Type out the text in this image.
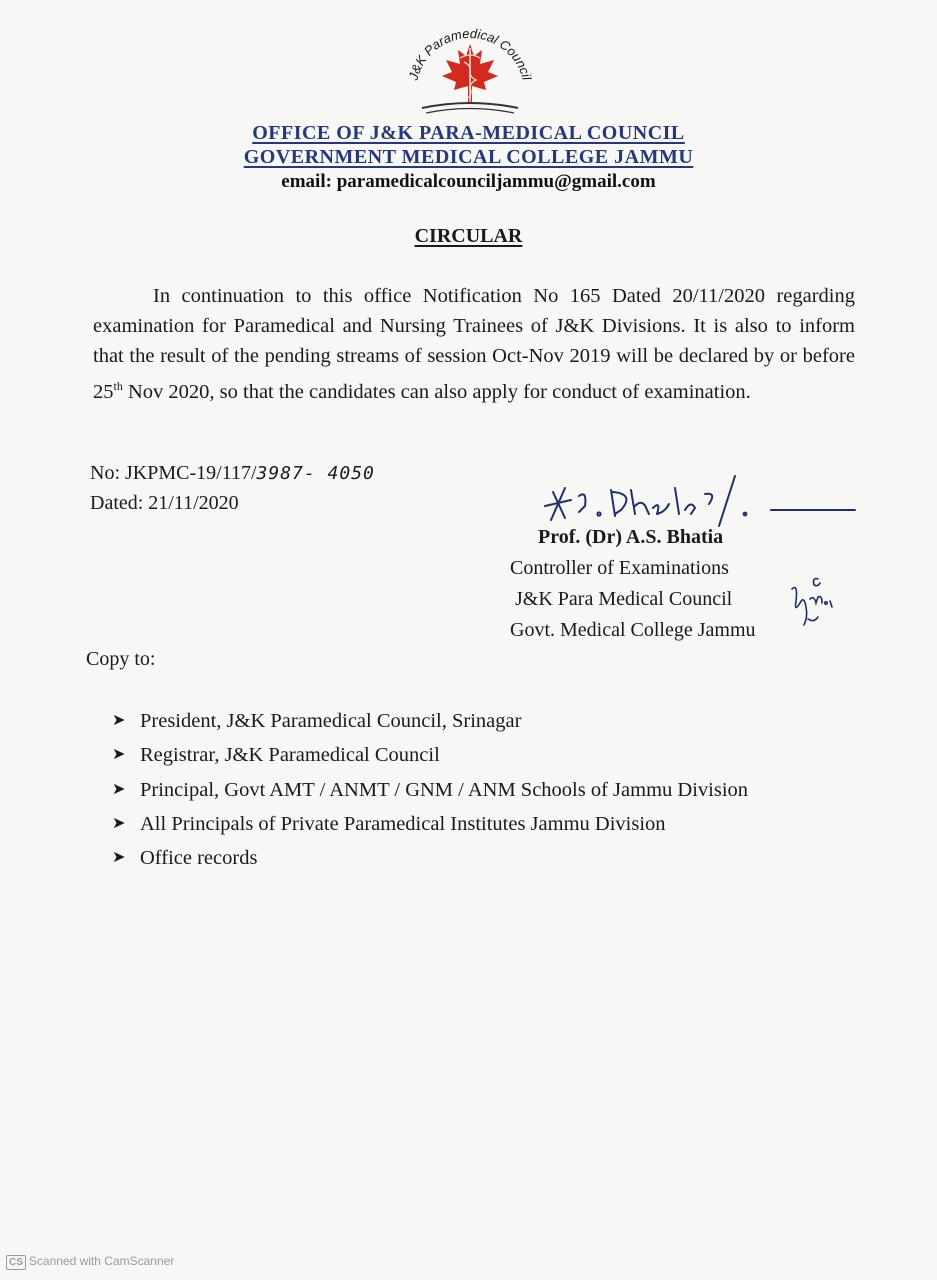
J&K Paramedical Council
OFFICE OF J&K PARA-MEDICAL COUNCIL
GOVERNMENT MEDICAL COLLEGE JAMMU
email: paramedicalcounciljammu@gmail.com
CIRCULAR
In continuation to this office Notification No 165 Dated 20/11/2020 regarding examination for Paramedical and Nursing Trainees of J&K Divisions. It is also to inform that the result of the pending streams of session Oct-Nov 2019 will be declared by or before 25th Nov 2020, so that the candidates can also apply for conduct of examination.
No: JKPMC-19/117/3987- 4050
Dated: 21/11/2020
Prof. (Dr) A.S. Bhatia
Controller of Examinations
J&K Para Medical Council
Govt. Medical College Jammu
Copy to:
➤ President, J&K Paramedical Council, Srinagar
➤ Registrar, J&K Paramedical Council
➤ Principal, Govt AMT / ANMT / GNM / ANM Schools of Jammu Division
➤ All Principals of Private Paramedical Institutes Jammu Division
➤ Office records
CS Scanned with CamScanner
